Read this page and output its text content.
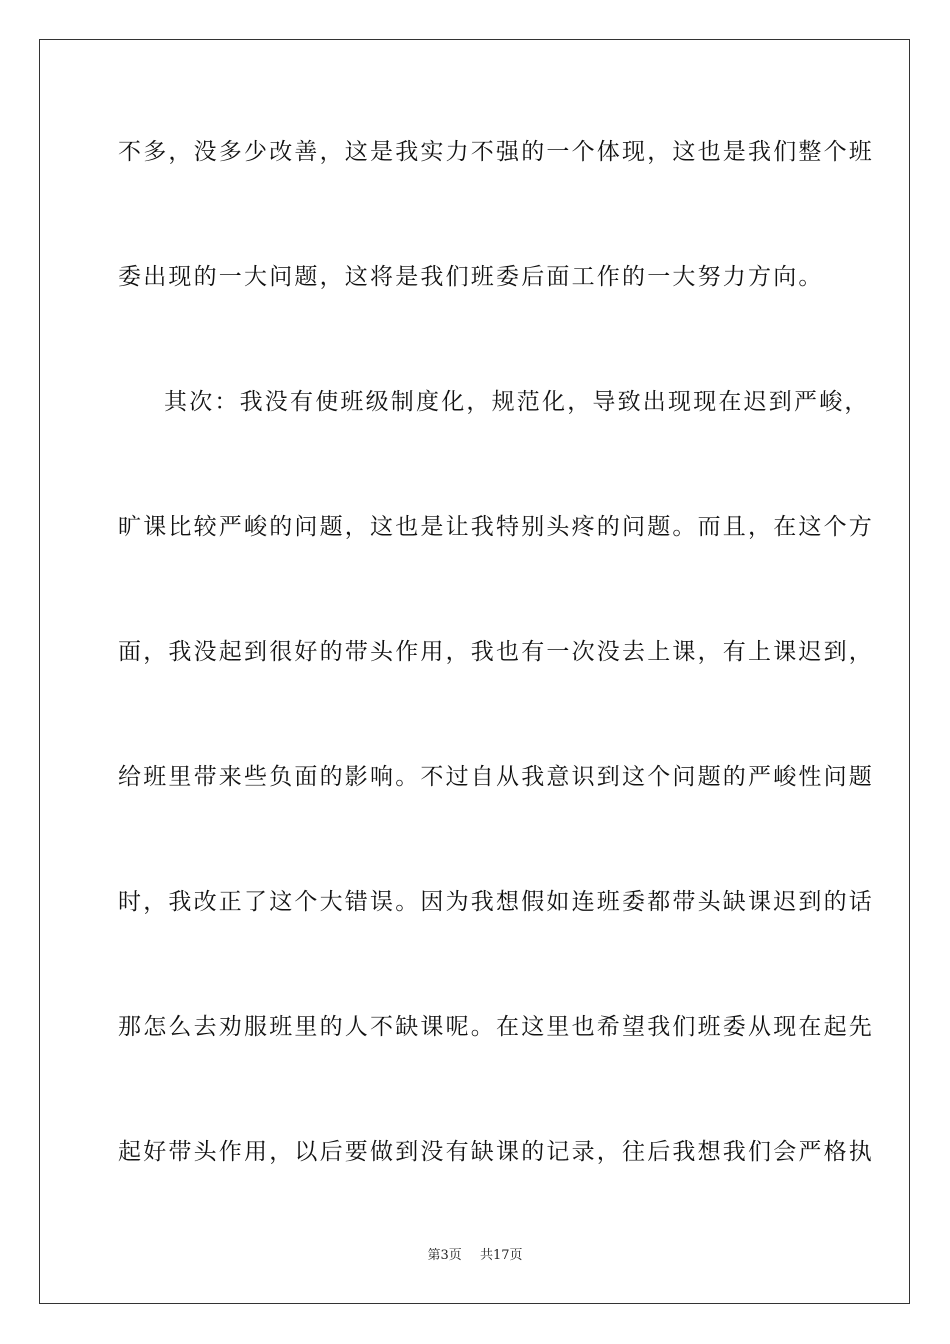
不多，没多少改善，这是我实力不强的一个体现，这也是我们整个班
委出现的一大问题，这将是我们班委后面工作的一大努力方向。
其次：我没有使班级制度化，规范化，导致出现现在迟到严峻，
旷课比较严峻的问题，这也是让我特别头疼的问题。而且，在这个方
面，我没起到很好的带头作用，我也有一次没去上课，有上课迟到，
给班里带来些负面的影响。不过自从我意识到这个问题的严峻性问题
时，我改正了这个大错误。因为我想假如连班委都带头缺课迟到的话
那怎么去劝服班里的人不缺课呢。在这里也希望我们班委从现在起先
起好带头作用，以后要做到没有缺课的记录，往后我想我们会严格执
第3页 共17页
